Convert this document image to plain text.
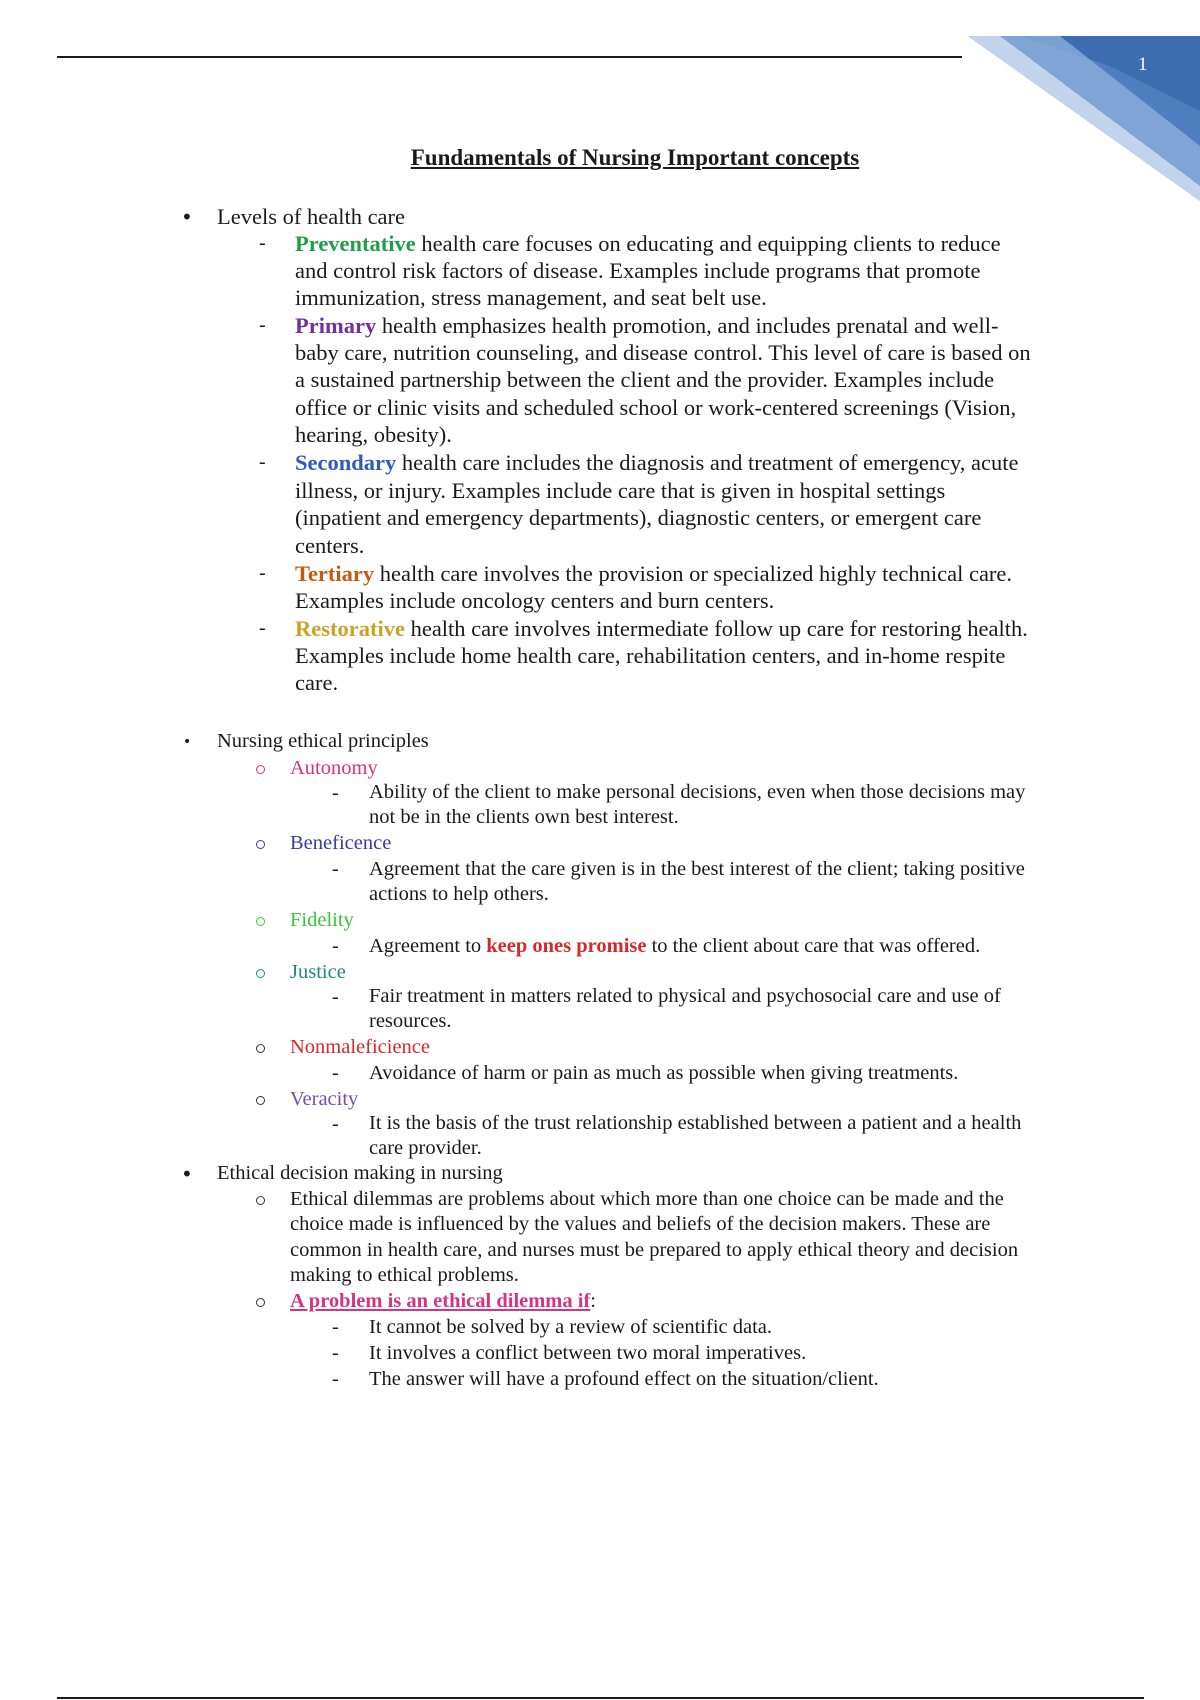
1
Fundamentals of Nursing Important concepts
• Levels of health care
- Preventative health care focuses on educating and equipping clients to reduce
and control risk factors of disease. Examples include programs that promote
immunization, stress management, and seat belt use.
- Primary health emphasizes health promotion, and includes prenatal and well-
baby care, nutrition counseling, and disease control. This level of care is based on
a sustained partnership between the client and the provider. Examples include
office or clinic visits and scheduled school or work-centered screenings (Vision,
hearing, obesity).
- Secondary health care includes the diagnosis and treatment of emergency, acute
illness, or injury. Examples include care that is given in hospital settings
(inpatient and emergency departments), diagnostic centers, or emergent care
centers.
- Tertiary health care involves the provision or specialized highly technical care.
Examples include oncology centers and burn centers.
- Restorative health care involves intermediate follow up care for restoring health.
Examples include home health care, rehabilitation centers, and in-home respite
care.
• Nursing ethical principles
Autonomy
- Ability of the client to make personal decisions, even when those decisions may
not be in the clients own best interest.
Beneficence
- Agreement that the care given is in the best interest of the client; taking positive
actions to help others.
Fidelity
- Agreement to keep ones promise to the client about care that was offered.
Justice
- Fair treatment in matters related to physical and psychosocial care and use of
resources.
Nonmaleficience
- Avoidance of harm or pain as much as possible when giving treatments.
Veracity
- It is the basis of the trust relationship established between a patient and a health
care provider.
• Ethical decision making in nursing
Ethical dilemmas are problems about which more than one choice can be made and the
choice made is influenced by the values and beliefs of the decision makers. These are
common in health care, and nurses must be prepared to apply ethical theory and decision
making to ethical problems.
A problem is an ethical dilemma if:
- It cannot be solved by a review of scientific data.
- It involves a conflict between two moral imperatives.
- The answer will have a profound effect on the situation/client.
